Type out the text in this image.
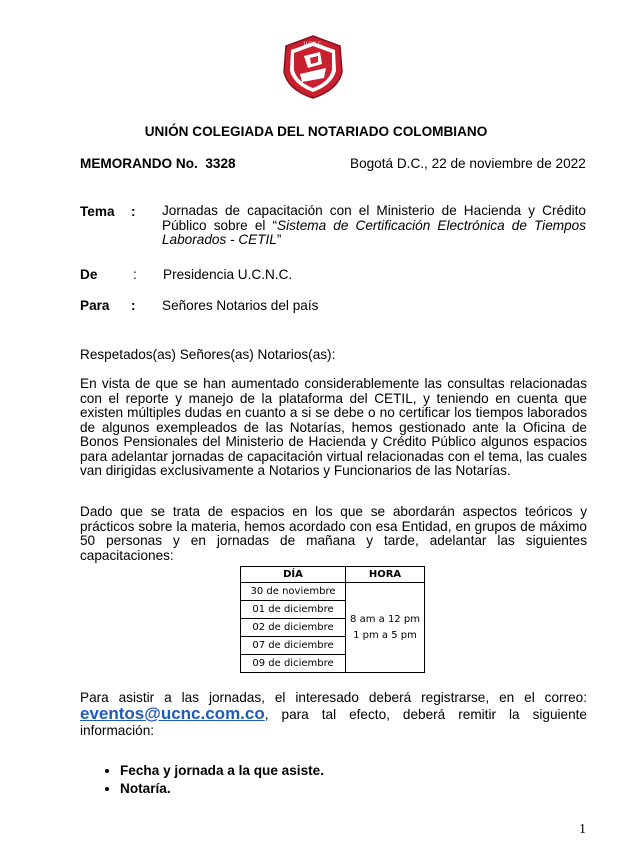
U.C.N.C.
UNIÓN COLEGIADA DEL NOTARIADO COLOMBIANO
MEMORANDO No. 3328	Bogotá D.C., 22 de noviembre de 2022
Tema : Jornadas de capacitación con el Ministerio de Hacienda y Crédito Público sobre el “Sistema de Certificación Electrónica de Tiempos Laborados - CETIL”
De	: Presidencia U.C.N.C.
Para : Señores Notarios del país
Respetados(as) Señores(as) Notarios(as):
En vista de que se han aumentado considerablemente las consultas relacionadas con el reporte y manejo de la plataforma del CETIL, y teniendo en cuenta que existen múltiples dudas en cuanto a si se debe o no certificar los tiempos laborados de algunos exempleados de las Notarías, hemos gestionado ante la Oficina de Bonos Pensionales del Ministerio de Hacienda y Crédito Público algunos espacios para adelantar jornadas de capacitación virtual relacionadas con el tema, las cuales van dirigidas exclusivamente a Notarios y Funcionarios de las Notarías.
Dado que se trata de espacios en los que se abordarán aspectos teóricos y prácticos sobre la materia, hemos acordado con esa Entidad, en grupos de máximo 50 personas y en jornadas de mañana y tarde, adelantar las siguientes capacitaciones:
DÍA	HORA
30 de noviembre	8 am a 12 pm
1 pm a 5 pm

01 de diciembre	
02 de diciembre	
07 de diciembre	
09 de diciembre	
Para asistir a las jornadas, el interesado deberá registrarse, en el correo: eventos@ucnc.com.co, para tal efecto, deberá remitir la siguiente información:
• Fecha y jornada a la que asiste.
• Notaría.
1
